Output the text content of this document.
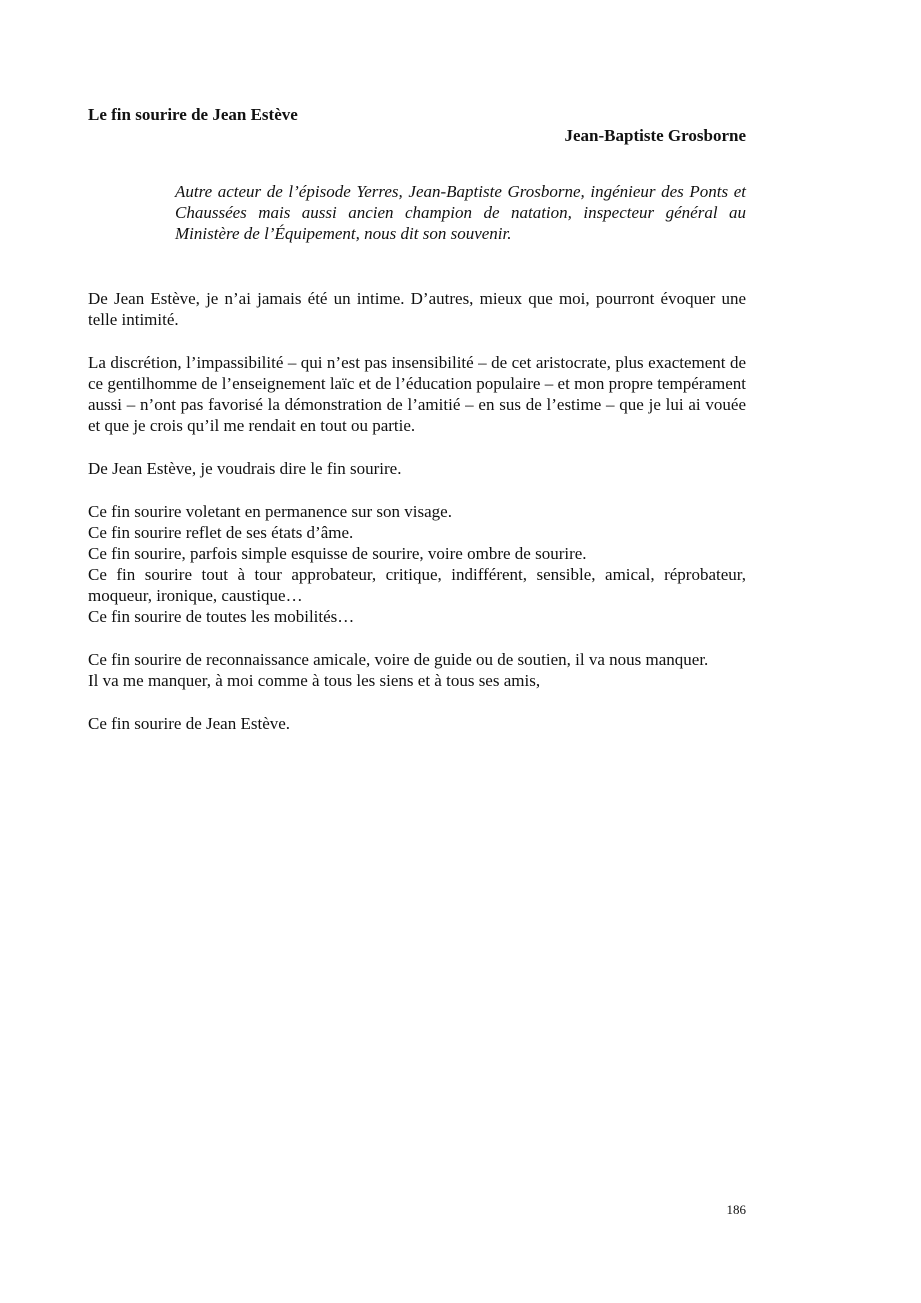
Le fin sourire de Jean Estève

Jean-Baptiste Grosborne

Autre acteur de l’épisode Yerres, Jean-Baptiste Grosborne, ingénieur des Ponts et Chaussées mais aussi ancien champion de natation, inspecteur général au Ministère de l’Équipement, nous dit son souvenir.

De Jean Estève, je n’ai jamais été un intime. D’autres, mieux que moi, pourront évoquer une telle intimité.

La discrétion, l’impassibilité – qui n’est pas insensibilité – de cet aristocrate, plus exactement de ce gentilhomme de l’enseignement laïc et de l’éducation populaire – et mon propre tempérament aussi – n’ont pas favorisé la démonstration de l’amitié – en sus de l’estime – que je lui ai vouée et que je crois qu’il me rendait en tout ou partie.

De Jean Estève, je voudrais dire le fin sourire.

Ce fin sourire voletant en permanence sur son visage.
Ce fin sourire reflet de ses états d’âme.
Ce fin sourire, parfois simple esquisse de sourire, voire ombre de sourire.
Ce fin sourire tout à tour approbateur, critique, indifférent, sensible, amical, réprobateur, moqueur, ironique, caustique…
Ce fin sourire de toutes les mobilités…

Ce fin sourire de reconnaissance amicale, voire de guide ou de soutien, il va nous manquer.
Il va me manquer, à moi comme à tous les siens et à tous ses amis,

Ce fin sourire de Jean Estève.

186
